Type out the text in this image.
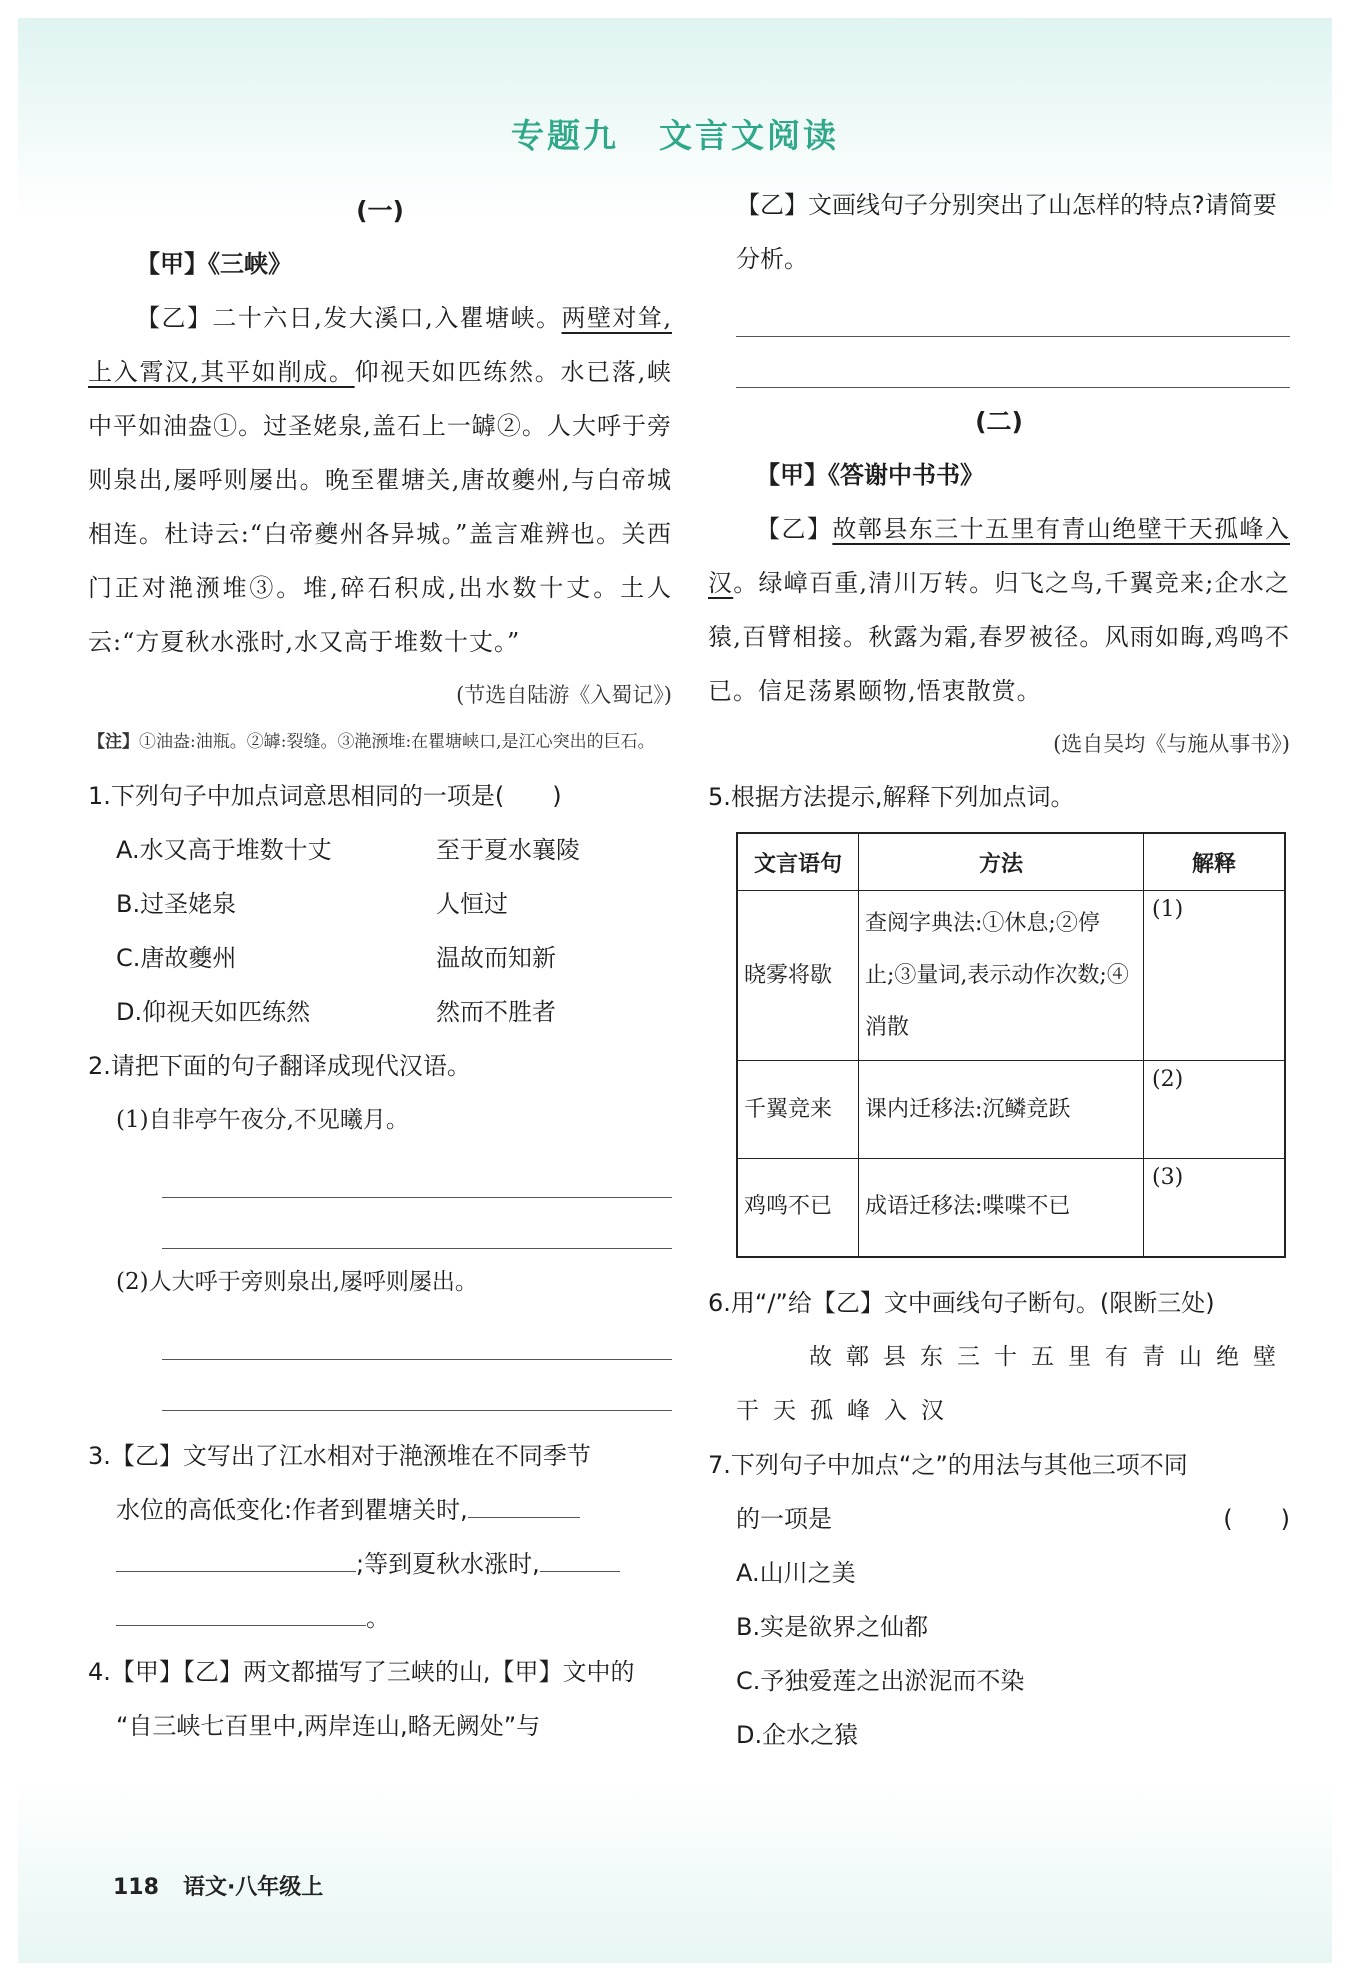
专题九 文言文阅读

(一)

【甲】《三峡》

【乙】二十六日,发大溪口,入瞿塘峡。两壁对耸,上入霄汉,其平如削成。仰视天如匹练然。水已落,峡中平如油盎①。过圣姥泉,盖石上一罅②。人大呼于旁则泉出,屡呼则屡出。晚至瞿塘关,唐故夔州,与白帝城相连。杜诗云:“白帝夔州各异城。”盖言难辨也。关西门正对滟滪堆③。堆,碎石积成,出水数十丈。土人云:“方夏秋水涨时,水又高于堆数十丈。”

(节选自陆游《入蜀记》)

【注】①油盎:油瓶。②罅:裂缝。③滟滪堆:在瞿塘峡口,是江心突出的巨石。

1.下列句子中加点词意思相同的一项是(　　)

A.水又高于堆数十丈	至于夏水襄陵
B.过圣姥泉	人恒过
C.唐故夔州	温故而知新
D.仰视天如匹练然	然而不胜者

2.请把下面的句子翻译成现代汉语。

(1)自非亭午夜分,不见曦月。

(2)人大呼于旁则泉出,屡呼则屡出。

3.【乙】文写出了江水相对于滟滪堆在不同季节

水位的高低变化:作者到瞿塘关时,

;等到夏秋水涨时,

。

4.【甲】【乙】两文都描写了三峡的山,【甲】文中的

“自三峡七百里中,两岸连山,略无阙处”与

【乙】文画线句子分别突出了山怎样的特点?请简要分析。

(二)

【甲】《答谢中书书》

【乙】故鄣县东三十五里有青山绝壁干天孤峰入汉。绿嶂百重,清川万转。归飞之鸟,千翼竞来;企水之猿,百臂相接。秋露为霜,春罗被径。风雨如晦,鸡鸣不已。信足荡累颐物,悟衷散赏。

(选自吴均《与施从事书》)

5.根据方法提示,解释下列加点词。

文言语句	方法	解释
晓雾将歇	查阅字典法:①休息;②停止;③量词,表示动作次数;④消散	(1)
千翼竞来	课内迁移法:沉鳞竞跃	(2)
鸡鸣不已	成语迁移法:喋喋不已	(3)

6.用“/”给【乙】文中画线句子断句。(限断三处)

故鄣县东三十五里有青山绝壁

干天孤峰入汉

7.下列句子中加点“之”的用法与其他三项不同

的一项是	(　　)

A.山川之美

B.实是欲界之仙都

C.予独爱莲之出淤泥而不染

D.企水之猿

118 语文·八年级上
